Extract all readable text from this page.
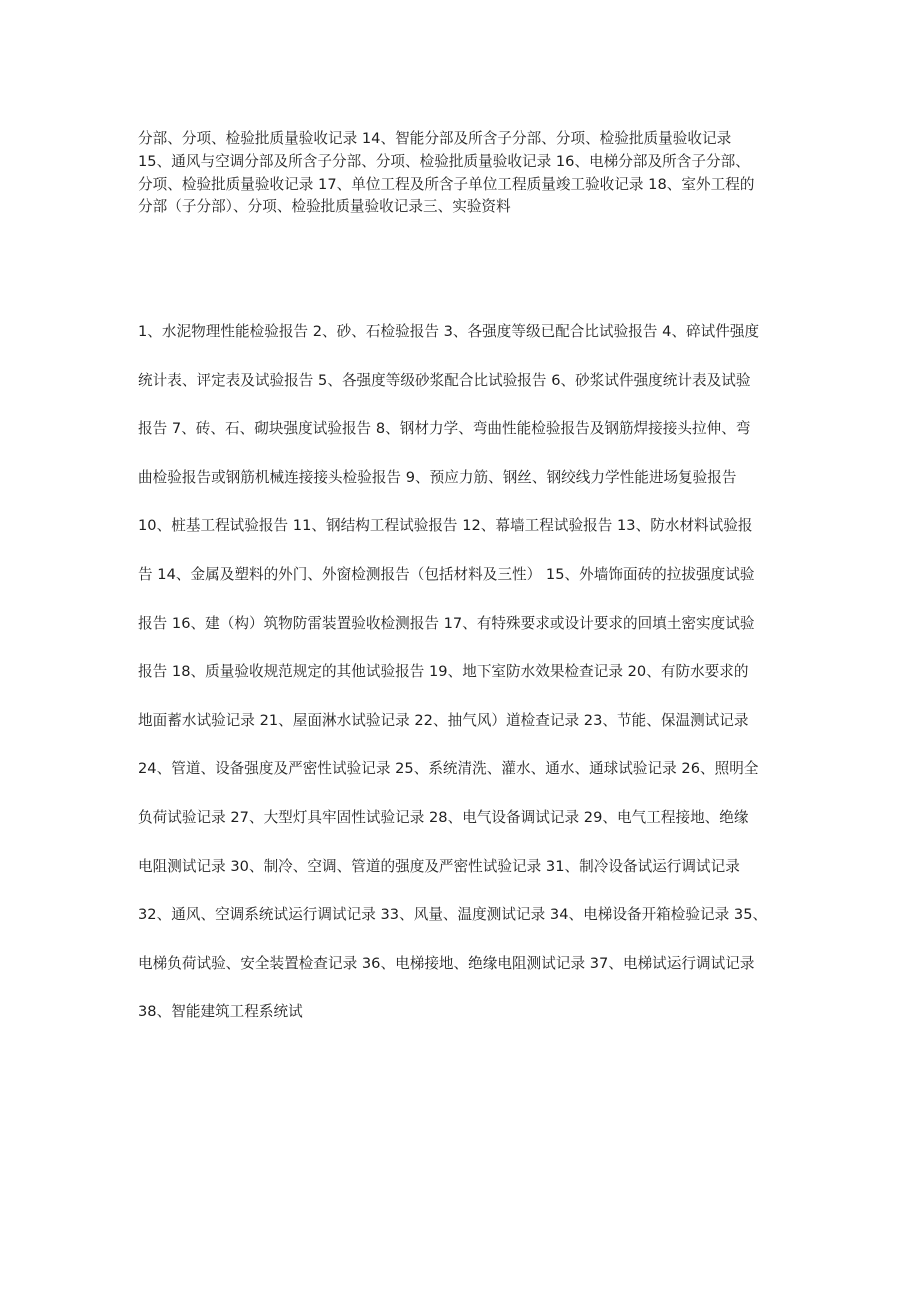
分部、分项、检验批质量验收记录 14、智能分部及所含子分部、分项、检验批质量验收记录
15、通风与空调分部及所含子分部、分项、检验批质量验收记录 16、电梯分部及所含子分部、
分项、检验批质量验收记录 17、单位工程及所含子单位工程质量竣工验收记录 18、室外工程的
分部（子分部）、分项、检验批质量验收记录三、实验资料
1、水泥物理性能检验报告 2、砂、石检验报告 3、各强度等级已配合比试验报告 4、碎试件强度
统计表、评定表及试验报告 5、各强度等级砂浆配合比试验报告 6、砂浆试件强度统计表及试验
报告 7、砖、石、砌块强度试验报告 8、钢材力学、弯曲性能检验报告及钢筋焊接接头拉伸、弯
曲检验报告或钢筋机械连接接头检验报告 9、预应力筋、钢丝、钢绞线力学性能进场复验报告
10、桩基工程试验报告 11、钢结构工程试验报告 12、幕墙工程试验报告 13、防水材料试验报
告 14、金属及塑料的外门、外窗检测报告（包括材料及三性） 15、外墙饰面砖的拉拔强度试验
报告 16、建（构）筑物防雷装置验收检测报告 17、有特殊要求或设计要求的回填土密实度试验
报告 18、质量验收规范规定的其他试验报告 19、地下室防水效果检查记录 20、有防水要求的
地面蓄水试验记录 21、屋面淋水试验记录 22、抽气风）道检查记录 23、节能、保温测试记录
24、管道、设备强度及严密性试验记录 25、系统清洗、灌水、通水、通球试验记录 26、照明全
负荷试验记录 27、大型灯具牢固性试验记录 28、电气设备调试记录 29、电气工程接地、绝缘
电阻测试记录 30、制冷、空调、管道的强度及严密性试验记录 31、制冷设备试运行调试记录
32、通风、空调系统试运行调试记录 33、风量、温度测试记录 34、电梯设备开箱检验记录 35、
电梯负荷试验、安全装置检查记录 36、电梯接地、绝缘电阻测试记录 37、电梯试运行调试记录
38、智能建筑工程系统试
